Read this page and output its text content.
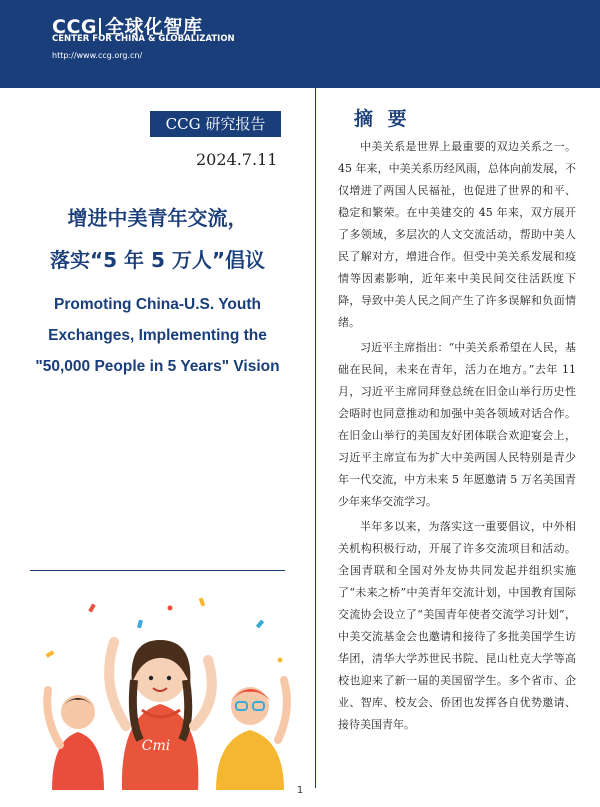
CCG 全球化智库
CENTER FOR CHINA & GLOBALIZATION
http://www.ccg.org.cn/
CCG 研究报告
2024.7.11
增进中美青年交流，
落实“5 年 5 万人”倡议
Promoting China-U.S. Youth
Exchanges, Implementing the
"50,000 People in 5 Years" Vision
Cmi
摘 要

中美关系是世界上最重要的双边关系之一。45 年来，中美关系历经风雨，总体向前发展，不仅增进了两国人民福祉，也促进了世界的和平、稳定和繁荣。在中美建交的 45 年来，双方展开了多领域，多层次的人文交流活动，帮助中美人民了解对方，增进合作。但受中美关系发展和疫情等因素影响，近年来中美民间交往活跃度下降，导致中美人民之间产生了许多误解和负面情绪。

习近平主席指出：“中美关系希望在人民，基础在民间，未来在青年，活力在地方。”去年 11 月，习近平主席同拜登总统在旧金山举行历史性会晤时也同意推动和加强中美各领域对话合作。在旧金山举行的美国友好团体联合欢迎宴会上，习近平主席宣布为扩大中美两国人民特别是青少年一代交流，中方未来 5 年愿邀请 5 万名美国青少年来华交流学习。

半年多以来，为落实这一重要倡议，中外相关机构积极行动，开展了许多交流项目和活动。全国青联和全国对外友协共同发起并组织实施了“未来之桥”中美青年交流计划，中国教育国际交流协会设立了“美国青年使者交流学习计划”，中美交流基金会也邀请和接待了多批美国学生访华团，清华大学苏世民书院、昆山杜克大学等高校也迎来了新一届的美国留学生。多个省市、企业、智库、校友会、侨团也发挥各自优势邀请、接待美国青年。

1
